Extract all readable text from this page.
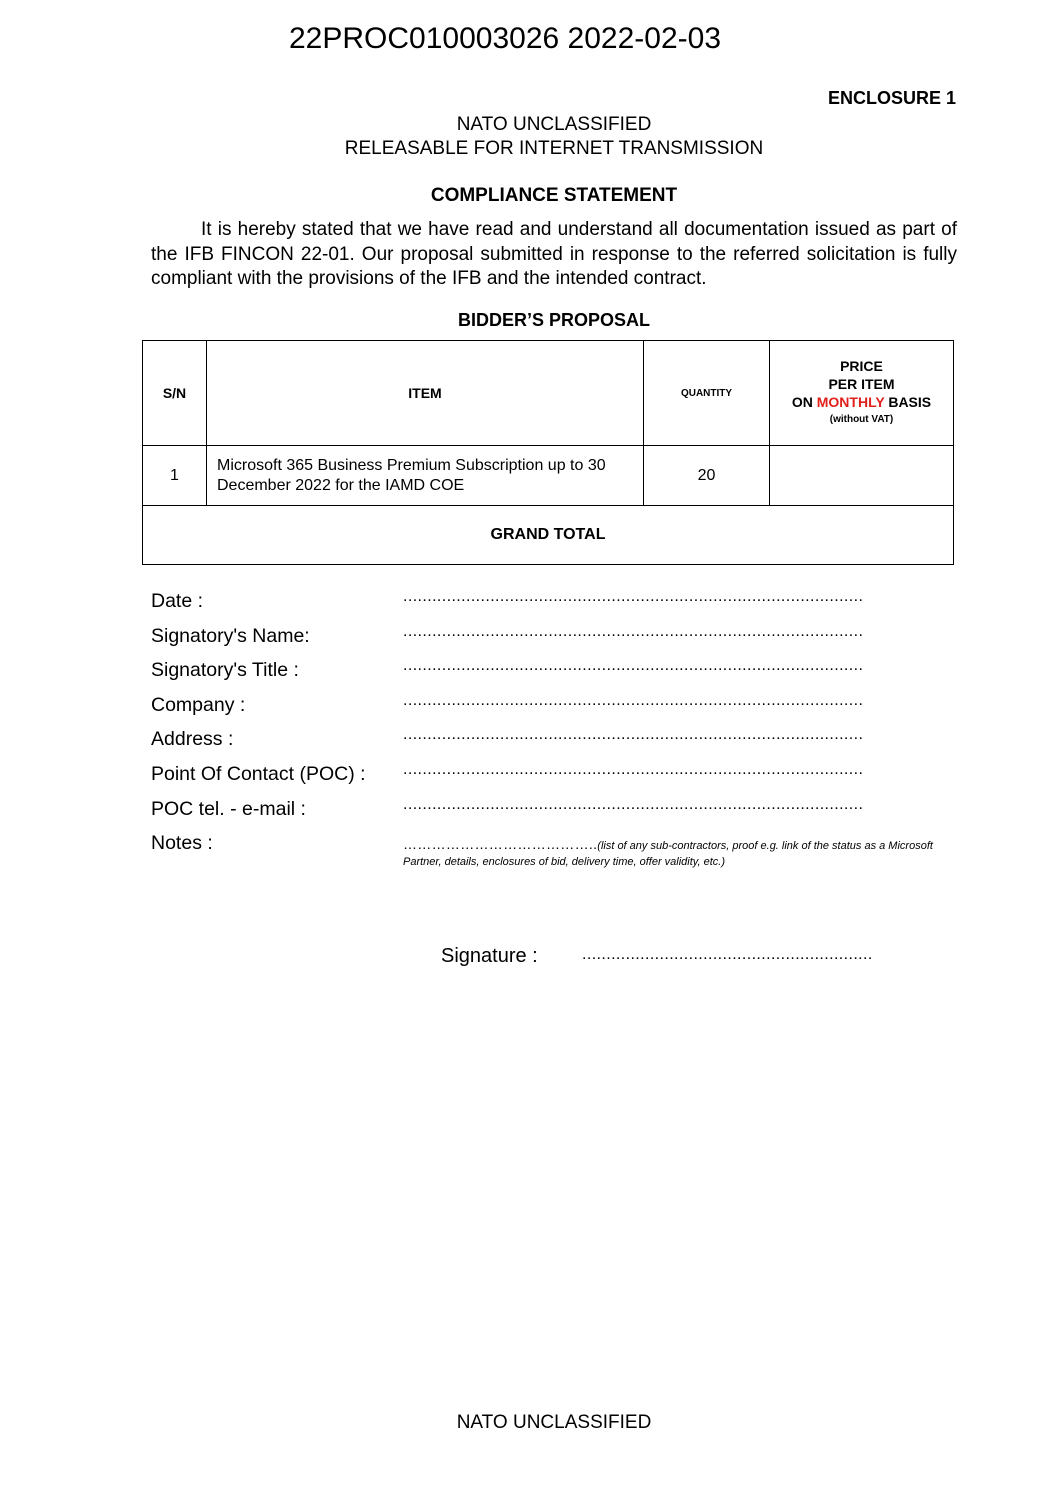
22PROC010003026 2022-02-03
ENCLOSURE 1
NATO UNCLASSIFIED
RELEASABLE FOR INTERNET TRANSMISSION
COMPLIANCE STATEMENT
It is hereby stated that we have read and understand all documentation issued as part of the IFB FINCON 22-01. Our proposal submitted in response to the referred solicitation is fully compliant with the provisions of the IFB and the intended contract.
BIDDER’S PROPOSAL
S/N	ITEM	QUANTITY	PRICE
PER ITEM
ON MONTHLY BASIS
(without VAT)

1	Microsoft 365 Business Premium Subscription up to 30 December 2022 for the IAMD COE	20	
GRAND TOTAL			
Date :	...............................................................................................
Signatory's Name:	...............................................................................................
Signatory's Title :	...............................................................................................
Company :	...............................................................................................
Address :	...............................................................................................
Point Of Contact (POC) : ...............................................................................................
POC tel. - e-mail :	...............................................................................................
Notes :	…………………………………..(list of any sub-contractors, proof e.g. link of the status as a Microsoft Partner, details, enclosures of bid, delivery time, offer validity, etc.)
Signature :	............................................................
NATO UNCLASSIFIED
